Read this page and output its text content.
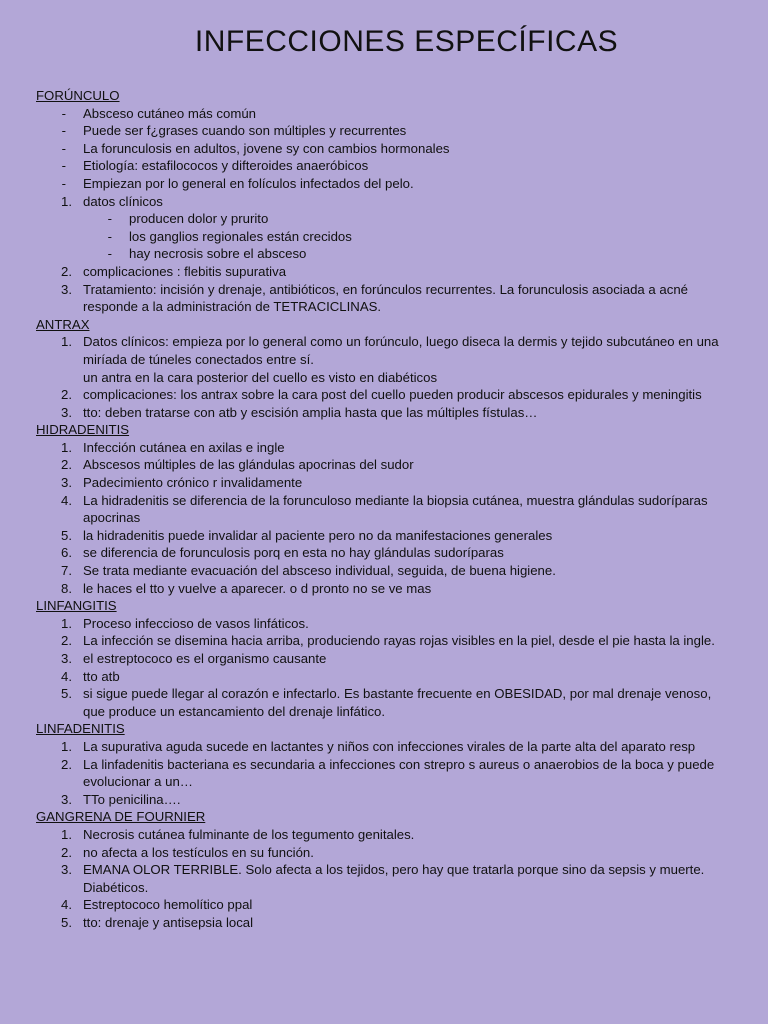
INFECCIONES ESPECÍFICAS
FORÚNCULO
- Absceso cutáneo más común
- Puede ser f¿grases cuando son múltiples y recurrentes
- La forunculosis en adultos, jovene sy con cambios hormonales
- Etiología: estafilococos y difteroides anaeróbicos
- Empiezan por lo general en folículos infectados del pelo.
1. datos clínicos
- producen dolor y prurito
- los ganglios regionales están crecidos
- hay necrosis sobre el absceso
2. complicaciones : flebitis supurativa
3. Tratamiento: incisión y drenaje, antibióticos, en forúnculos recurrentes. La forunculosis asociada a acné responde a la administración de TETRACICLINAS.
ANTRAX
1. Datos clínicos: empieza por lo general como un forúnculo, luego diseca la dermis y tejido subcutáneo en una miríada de túneles conectados entre sí.
un antra en la cara posterior del cuello es visto en diabéticos
2. complicaciones: los antrax sobre la cara post del cuello pueden producir abscesos epidurales y meningitis
3. tto: deben tratarse con atb y escisión amplia hasta que las múltiples fístulas…
HIDRADENITIS
1. Infección cutánea en axilas e ingle
2. Abscesos múltiples de las glándulas apocrinas del sudor
3. Padecimiento crónico r invalidamente
4. La hidradenitis se diferencia de la forunculoso mediante la biopsia cutánea, muestra glándulas sudoríparas apocrinas
5. la hidradenitis puede invalidar al paciente pero no da manifestaciones generales
6. se diferencia de forunculosis porq en esta no hay glándulas sudoríparas
7. Se trata mediante evacuación del absceso individual, seguida, de buena higiene.
8. le haces el tto y vuelve a aparecer. o d pronto no se ve mas
LINFANGITIS
1. Proceso infeccioso de vasos linfáticos.
2. La infección se disemina hacia arriba, produciendo rayas rojas visibles en la piel, desde el pie hasta la ingle.
3. el estreptococo es el organismo causante
4. tto atb
5. si sigue puede llegar al corazón e infectarlo. Es bastante frecuente en OBESIDAD, por mal drenaje venoso, que produce un estancamiento del drenaje linfático.
LINFADENITIS
1. La supurativa aguda sucede en lactantes y niños con infecciones virales de la parte alta del aparato resp
2. La linfadenitis bacteriana es secundaria a infecciones con strepro s aureus o anaerobios de la boca y puede evolucionar a un…
3. TTo penicilina….
GANGRENA DE FOURNIER
1. Necrosis cutánea fulminante de los tegumento genitales.
2. no afecta a los testículos en su función.
3. EMANA OLOR TERRIBLE. Solo afecta a los tejidos, pero hay que tratarla porque sino da sepsis y muerte. Diabéticos.
4. Estreptococo hemolítico ppal
5. tto: drenaje y antisepsia local
